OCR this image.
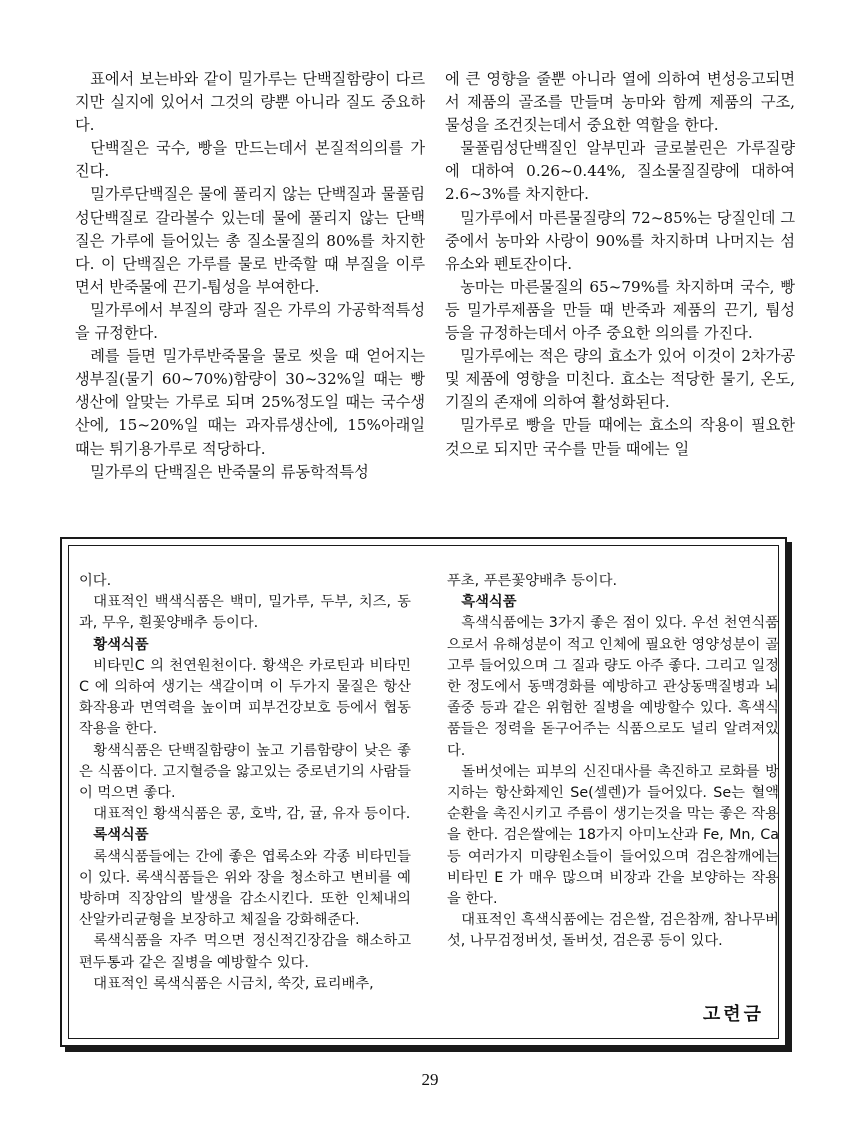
표에서 보는바와 같이 밀가루는 단백질함량이 다르지만 실지에 있어서 그것의 량뿐 아니라 질도 중요하다.

단백질은 국수, 빵을 만드는데서 본질적의의를 가진다.

밀가루단백질은 물에 풀리지 않는 단백질과 물풀림성단백질로 갈라볼수 있는데 물에 풀리지 않는 단백질은 가루에 들어있는 총 질소물질의 80%를 차지한다. 이 단백질은 가루를 물로 반죽할 때 부질을 이루면서 반죽물에 끈기-퉘성을 부여한다.

밀가루에서 부질의 량과 질은 가루의 가공학적특성을 규정한다.

례를 들면 밀가루반죽물을 물로 씻을 때 얻어지는 생부질(물기 60~70%)함량이 30~32%일 때는 빵생산에 알맞는 가루로 되며 25%정도일 때는 국수생산에, 15~20%일 때는 과자류생산에, 15%아래일 때는 튀기용가루로 적당하다.

밀가루의 단백질은 반죽물의 류동학적특성

에 큰 영향을 줄뿐 아니라 열에 의하여 변성응고되면서 제품의 골조를 만들며 농마와 함께 제품의 구조, 물성을 조건짓는데서 중요한 역할을 한다.

물풀림성단백질인 알부민과 글로불린은 가루질량에 대하여 0.26~0.44%, 질소물질질량에 대하여 2.6~3%를 차지한다.

밀가루에서 마른물질량의 72~85%는 당질인데 그중에서 농마와 사랑이 90%를 차지하며 나머지는 섬유소와 펜토잔이다.

농마는 마른물질의 65~79%를 차지하며 국수, 빵 등 밀가루제품을 만들 때 반죽과 제품의 끈기, 퉘성 등을 규정하는데서 아주 중요한 의의를 가진다.

밀가루에는 적은 량의 효소가 있어 이것이 2차가공 및 제품에 영향을 미친다. 효소는 적당한 물기, 온도, 기질의 존재에 의하여 활성화된다.

밀가루로 빵을 만들 때에는 효소의 작용이 필요한것으로 되지만 국수를 만들 때에는 일

이다.

대표적인 백색식품은 백미, 밀가루, 두부, 치즈, 동과, 무우, 흰꽃양배추 등이다.

황색식품

비타민C 의 천연원천이다. 황색은 카로틴과 비타민C 에 의하여 생기는 색갈이며 이 두가지 물질은 항산화작용과 면역력을 높이며 피부건강보호 등에서 협동작용을 한다.

황색식품은 단백질함량이 높고 기름함량이 낮은 좋은 식품이다. 고지혈증을 앓고있는 중로년기의 사람들이 먹으면 좋다.

대표적인 황색식품은 콩, 호박, 감, 귤, 유자 등이다.

록색식품

록색식품들에는 간에 좋은 엽록소와 각종 비타민들이 있다. 록색식품들은 위와 장을 청소하고 변비를 예방하며 직장암의 발생을 감소시킨다. 또한 인체내의 산알카리균형을 보장하고 체질을 강화해준다.

록색식품을 자주 먹으면 정신적긴장감을 해소하고 편두통과 같은 질병을 예방할수 있다.

대표적인 록색식품은 시금치, 쑥갓, 료리배추,

푸초, 푸른꽃양배추 등이다.

흑색식품

흑색식품에는 3가지 좋은 점이 있다. 우선 천연식품으로서 유해성분이 적고 인체에 필요한 영양성분이 골고루 들어있으며 그 질과 량도 아주 좋다. 그리고 일정한 정도에서 동맥경화를 예방하고 관상동맥질병과 뇌졸중 등과 같은 위험한 질병을 예방할수 있다. 흑색식품들은 정력을 돋구어주는 식품으로도 널리 알려져있다.

돌버섯에는 피부의 신진대사를 촉진하고 로화를 방지하는 항산화제인 Se(셀렌)가 들어있다. Se는 혈액순환을 촉진시키고 주름이 생기는것을 막는 좋은 작용을 한다. 검은쌀에는 18가지 아미노산과 Fe, Mn, Ca 등 여러가지 미량원소들이 들어있으며 검은참깨에는 비타민 E 가 매우 많으며 비장과 간을 보양하는 작용을 한다.

대표적인 흑색식품에는 검은쌀, 검은참깨, 참나무버섯, 나무검정버섯, 돌버섯, 검은콩 등이 있다.

고련금
29
